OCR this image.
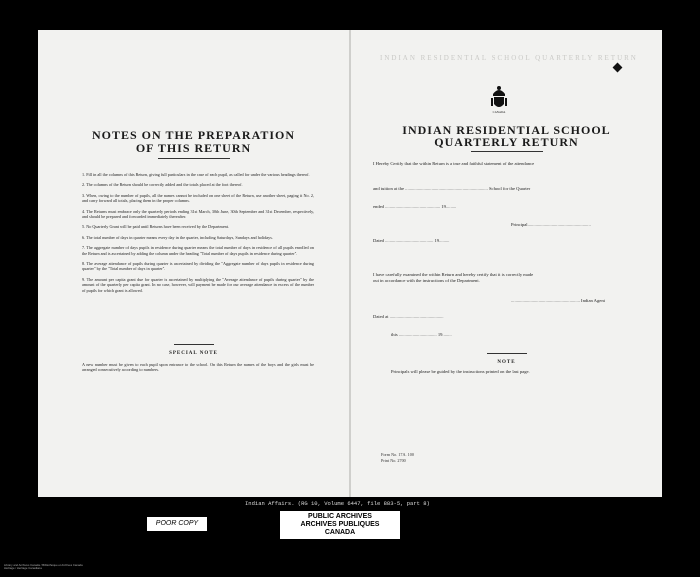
INDIAN RESIDENTIAL SCHOOL QUARTERLY RETURN
NOTES ON THE PREPARATION
OF THIS RETURN

1. Fill in all the columns of this Return, giving full particulars in the case of each pupil, as called for under the various headings thereof.

2. The columns of the Return should be correctly added and the totals placed at the foot thereof.

3. When, owing to the number of pupils, all the names cannot be included on one sheet of the Return, use another sheet, paging it No. 2, and carry forward all totals, placing them in the proper columns.

4. The Returns must embrace only the quarterly periods ending 31st March, 30th June, 30th September and 31st December, respectively, and should be prepared and forwarded immediately thereafter.

5. No Quarterly Grant will be paid until Returns have been received by the Department.

6. The total number of days in quarter means every day in the quarter, including Saturdays, Sundays and holidays.

7. The aggregate number of days pupils in residence during quarter means the total number of days in residence of all pupils enrolled on the Return and is ascertained by adding the column under the heading "Total number of days pupils in residence during quarter".

8. The average attendance of pupils during quarter is ascertained by dividing the "Aggregate number of days pupils in residence during quarter" by the "Total number of days in quarter".

9. The amount per capita grant due for quarter is ascertained by multiplying the "Average attendance of pupils during quarter" by the amount of the quarterly per capita grant. In no case, however, will payment be made for our average attendance in excess of the number of pupils for which grant is allowed.

SPECIAL NOTE
A new number must be given to each pupil upon entrance to the school. On this Return the names of the boys and the girls must be arranged consecutively according to numbers.
CANADA
INDIAN RESIDENTIAL SCHOOL
QUARTERLY RETURN
I Hereby Certify that the within Return is a true and faithful statement of the attendance
and tuition at the ........................................................................ School for the Quarter
ended ................................................ 19.........
Principal.......................................................
Dated .......................................... 19.........
I have carefully examined the within Return and hereby certify that it is correctly made
out in accordance with the instructions of the Department.
............................................................ Indian Agent
Dated at ...............................................
this ................................. 19........
NOTE
Principals will please be guided by the instructions printed on the last page.
Form No. 17A. 100
Print No. 2700
Indian Affairs. (RG 10, Volume 6447, file 883-5, part 8)
POOR COPY
PUBLIC ARCHIVES
ARCHIVES PUBLIQUES
CANADA
Library and Archives Canada / Bibliothèque et Archives Canada
Héritage / Heritage Canadiana
